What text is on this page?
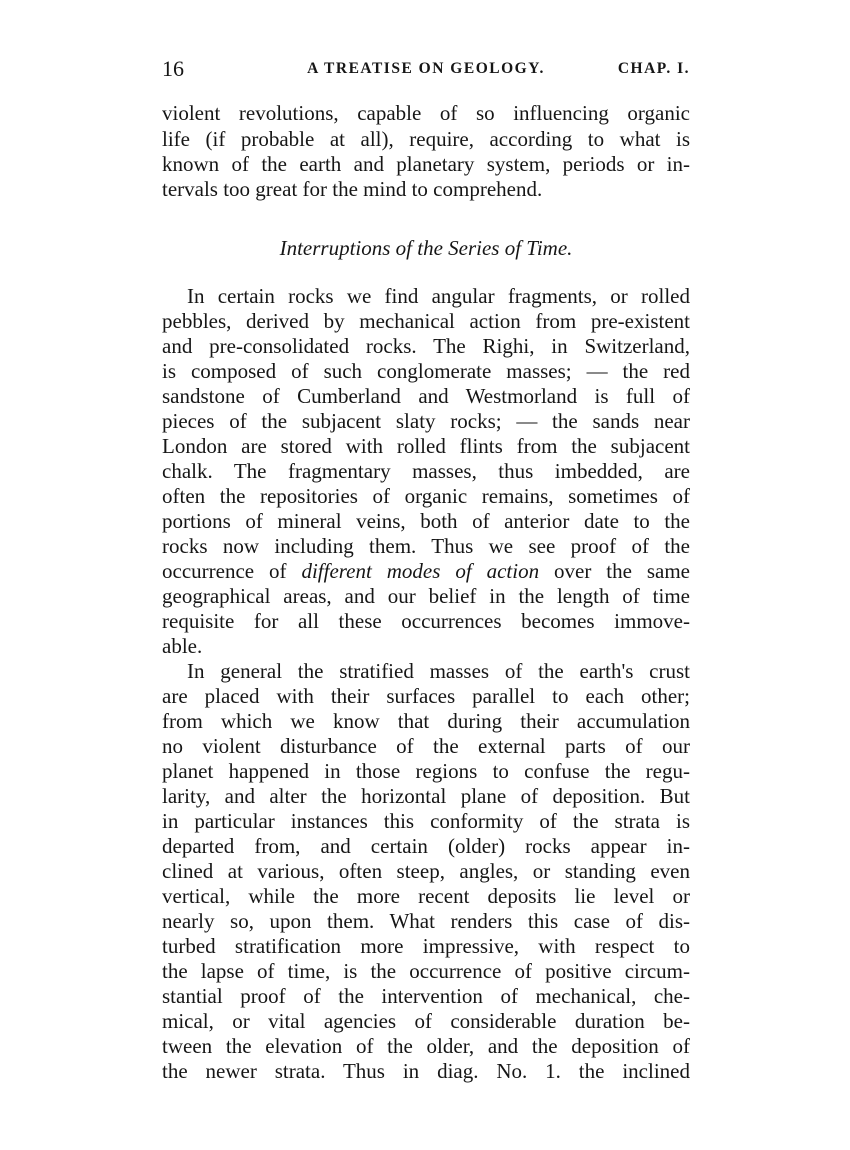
16	A TREATISE ON GEOLOGY.	CHAP. I.
violent revolutions, capable of so influencing organic
life (if probable at all), require, according to what is
known of the earth and planetary system, periods or in-
tervals too great for the mind to comprehend.
Interruptions of the Series of Time.
In certain rocks we find angular fragments, or rolled
pebbles, derived by mechanical action from pre-existent
and pre-consolidated rocks. The Righi, in Switzerland,
is composed of such conglomerate masses; — the red
sandstone of Cumberland and Westmorland is full of
pieces of the subjacent slaty rocks; — the sands near
London are stored with rolled flints from the subjacent
chalk. The fragmentary masses, thus imbedded, are
often the repositories of organic remains, sometimes of
portions of mineral veins, both of anterior date to the
rocks now including them. Thus we see proof of the
occurrence of different modes of action over the same
geographical areas, and our belief in the length of time
requisite for all these occurrences becomes immove-
able.
In general the stratified masses of the earth's crust
are placed with their surfaces parallel to each other;
from which we know that during their accumulation
no violent disturbance of the external parts of our
planet happened in those regions to confuse the regu-
larity, and alter the horizontal plane of deposition. But
in particular instances this conformity of the strata is
departed from, and certain (older) rocks appear in-
clined at various, often steep, angles, or standing even
vertical, while the more recent deposits lie level or
nearly so, upon them. What renders this case of dis-
turbed stratification more impressive, with respect to
the lapse of time, is the occurrence of positive circum-
stantial proof of the intervention of mechanical, che-
mical, or vital agencies of considerable duration be-
tween the elevation of the older, and the deposition of
the newer strata. Thus in diag. No. 1. the inclined
